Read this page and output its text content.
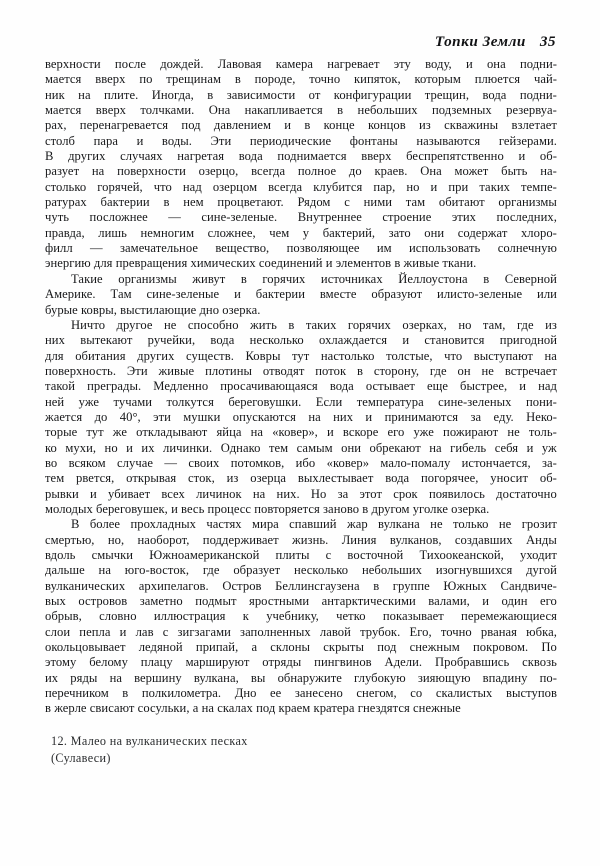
Топки Земли 35
верхности после дождей. Лавовая камера нагревает эту воду, и она подни-
мается вверх по трещинам в породе, точно кипяток, которым плюется чай-
ник на плите. Иногда, в зависимости от конфигурации трещин, вода подни-
мается вверх толчками. Она накапливается в небольших подземных резервуа-
рах, перенагревается под давлением и в конце концов из скважины взлетает
столб пара и воды. Эти периодические фонтаны называются гейзерами.
В других случаях нагретая вода поднимается вверх беспрепятственно и об-
разует на поверхности озерцо, всегда полное до краев. Она может быть на-
столько горячей, что над озерцом всегда клубится пар, но и при таких темпе-
ратурах бактерии в нем процветают. Рядом с ними там обитают организмы
чуть посложнее — сине-зеленые. Внутреннее строение этих последних,
правда, лишь немногим сложнее, чем у бактерий, зато они содержат хлоро-
филл — замечательное вещество, позволяющее им использовать солнечную
энергию для превращения химических соединений и элементов в живые ткани.
Такие организмы живут в горячих источниках Йеллоустона в Северной
Америке. Там сине-зеленые и бактерии вместе образуют илисто-зеленые или
бурые ковры, выстилающие дно озерка.
Ничто другое не способно жить в таких горячих озерках, но там, где из
них вытекают ручейки, вода несколько охлаждается и становится пригодной
для обитания других существ. Ковры тут настолько толстые, что выступают на
поверхность. Эти живые плотины отводят поток в сторону, где он не встречает
такой преграды. Медленно просачивающаяся вода остывает еще быстрее, и над
ней уже тучами толкутся береговушки. Если температура сине-зеленых пони-
жается до 40°, эти мушки опускаются на них и принимаются за еду. Неко-
торые тут же откладывают яйца на «ковер», и вскоре его уже пожирают не толь-
ко мухи, но и их личинки. Однако тем самым они обрекают на гибель себя и уж
во всяком случае — своих потомков, ибо «ковер» мало-помалу истончается, за-
тем рвется, открывая сток, из озерца выхлестывает вода погорячее, уносит об-
рывки и убивает всех личинок на них. Но за этот срок появилось достаточно
молодых береговушек, и весь процесс повторяется заново в другом уголке озерка.
В более прохладных частях мира спавший жар вулкана не только не грозит
смертью, но, наоборот, поддерживает жизнь. Линия вулканов, создавших Анды
вдоль смычки Южноамериканской плиты с восточной Тихоокеанской, уходит
дальше на юго-восток, где образует несколько небольших изогнувшихся дугой
вулканических архипелагов. Остров Беллинсгаузена в группе Южных Сандвиче-
вых островов заметно подмыт яростными антарктическими валами, и один его
обрыв, словно иллюстрация к учебнику, четко показывает перемежающиеся
слои пепла и лав с зигзагами заполненных лавой трубок. Его, точно рваная юбка,
окольцовывает ледяной припай, а склоны скрыты под снежным покровом. По
этому белому плацу маршируют отряды пингвинов Адели. Пробравшись сквозь
их ряды на вершину вулкана, вы обнаружите глубокую зияющую впадину по-
перечником в полкилометра. Дно ее занесено снегом, со скалистых выступов
в жерле свисают сосульки, а на скалах под краем кратера гнездятся снежные
12. Малео на вулканических песках
(Сулавеси)
